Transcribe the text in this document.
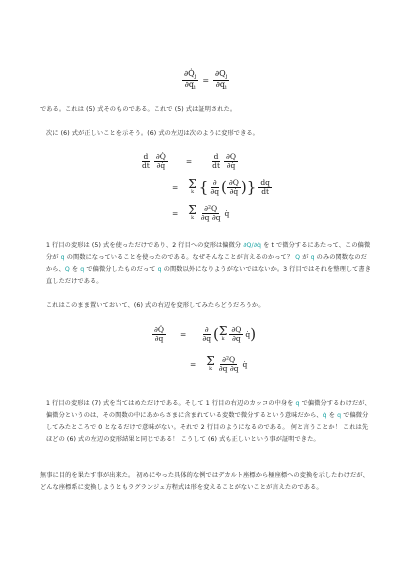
$\frac{\partial Q̇_j}{\partial q_i} = \frac{\partial Q_j}{\partial q_i}$

である。これは (5) 式そのものである。これで (5) 式は証明された。

次に (6) 式が正しいことを示そう。(6) 式の左辺は次のように変形できる。

$\frac{d}{dt} \frac{\partial Q̇}{\partial q̇} = \frac{d}{dt} \frac{\partial Q}{\partial q̇}$
= Σ
k { $\frac{\partial}{\partial q}$ ( $\frac{\partial Q}{\partial q̇}$ ) } $\frac{dq}{dt}$
= Σ
k $\frac{\text{∂²Q}}{\partial q \partial q}$ q̇

1 行目の変形は (5) 式を使っただけであり、2 行目への変形は偏微分 ∂Q/∂q̇ を t で微分するにあたって、この偏微分が q の関数になっていることを使ったのである。なぜそんなことが言えるのかって？ Q が q のみの関数なのだから、Q を q で偏微分したものだって q の関数以外になりようがないではないか。3 行目ではそれを整理して書き直しただけである。

これはこのまま置いておいて、(6) 式の右辺を変形してみたらどうだろうか。

$\frac{\partial Q̇}{\partial q} = \frac{\partial}{\partial q}$ ( Σ
k $\frac{\partial Q}{\partial q}$ q̇ )
= Σ
k $\frac{\text{∂²Q}}{\partial q \partial q}$ q̇

1 行目の変形は (7) 式を当てはめただけである。そして 1 行目の右辺のカッコの中身を q で偏微分するわけだが、偏微分というのは、その関数の中にあからさまに含まれている変数で微分するという意味だから、q̇ を q で偏微分してみたところで 0 となるだけで意味がない。それで 2 行目のようになるのである。 何と言うことか！ これは先ほどの (6) 式の左辺の変形結果と同じである！ こうして (6) 式も正しいという事が証明できた。

無事に目的を果たす事が出来た。 初めにやった具体的な例ではデカルト座標から極座標への変換を示したわけだが、どんな座標系に変換しようともラグランジュ方程式は形を変えることがないことが言えたのである。
